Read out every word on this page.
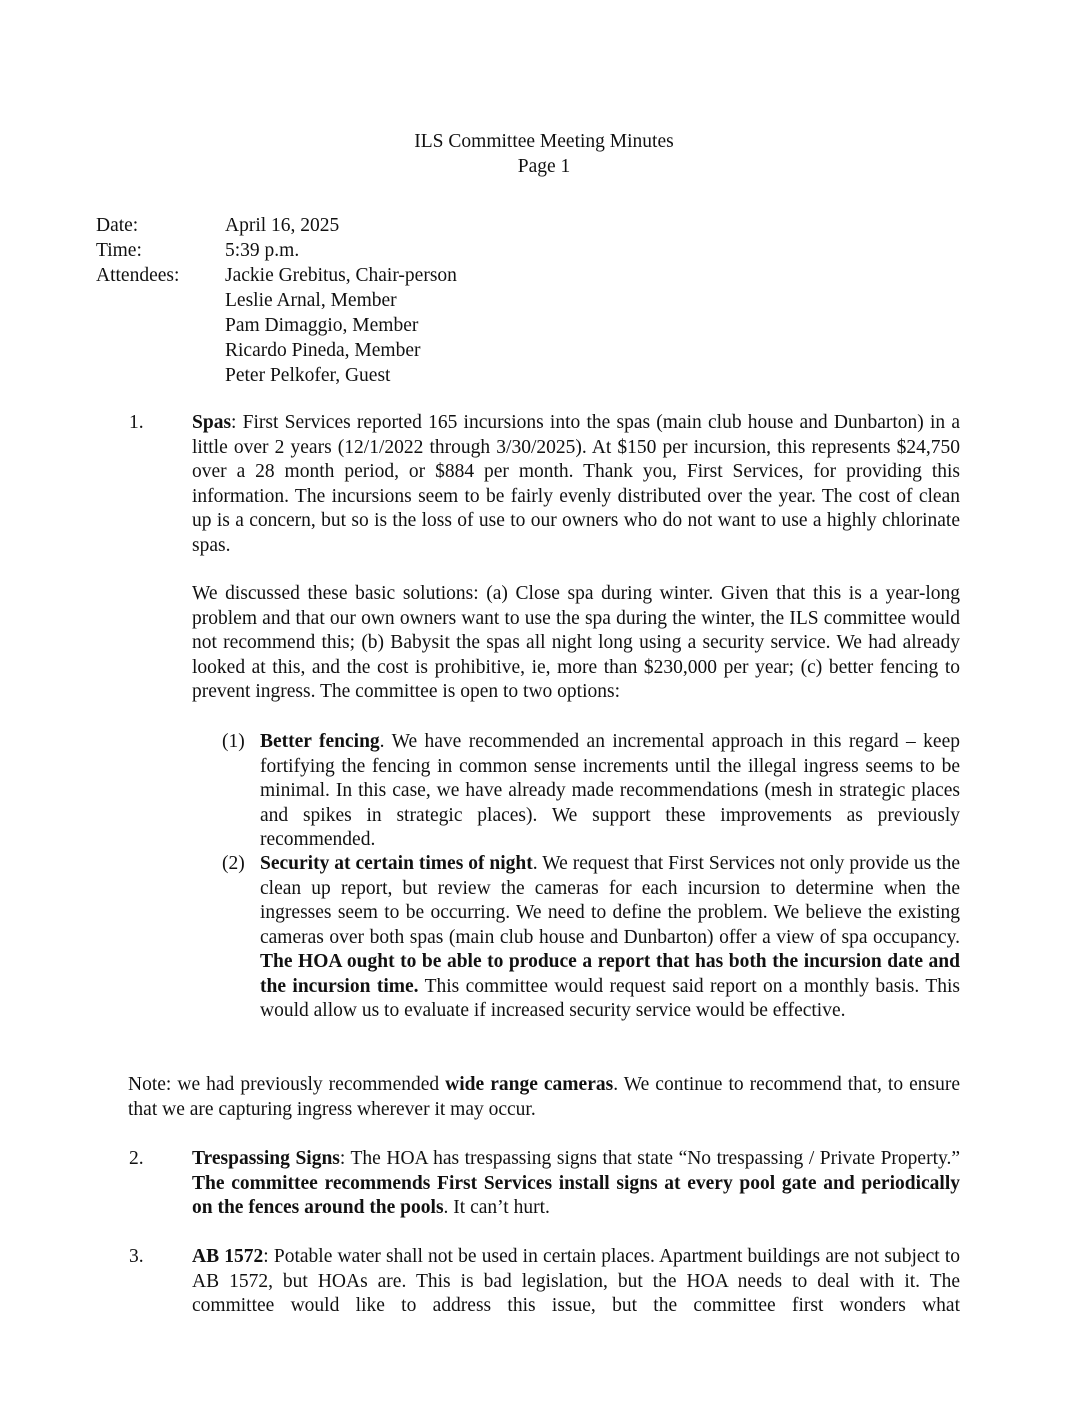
ILS Committee Meeting Minutes
Page 1
Date:	April 16, 2025
Time:	5:39 p.m.
Attendees:	Jackie Grebitus, Chair-person
Leslie Arnal, Member
Pam Dimaggio, Member
Ricardo Pineda, Member
Peter Pelkofer, Guest
1. Spas: First Services reported 165 incursions into the spas (main club house and Dunbarton) in a little over 2 years (12/1/2022 through 3/30/2025). At $150 per incursion, this represents $24,750 over a 28 month period, or $884 per month. Thank you, First Services, for providing this information. The incursions seem to be fairly evenly distributed over the year. The cost of clean up is a concern, but so is the loss of use to our owners who do not want to use a highly chlorinate spas.
We discussed these basic solutions: (a) Close spa during winter. Given that this is a year-long problem and that our own owners want to use the spa during the winter, the ILS committee would not recommend this; (b) Babysit the spas all night long using a security service. We had already looked at this, and the cost is prohibitive, ie, more than $230,000 per year; (c) better fencing to prevent ingress. The committee is open to two options:
(1) Better fencing. We have recommended an incremental approach in this regard – keep fortifying the fencing in common sense increments until the illegal ingress seems to be minimal. In this case, we have already made recommendations (mesh in strategic places and spikes in strategic places). We support these improvements as previously recommended.
(2) Security at certain times of night. We request that First Services not only provide us the clean up report, but review the cameras for each incursion to determine when the ingresses seem to be occurring. We need to define the problem. We believe the existing cameras over both spas (main club house and Dunbarton) offer a view of spa occupancy. The HOA ought to be able to produce a report that has both the incursion date and the incursion time. This committee would request said report on a monthly basis. This would allow us to evaluate if increased security service would be effective.
Note: we had previously recommended wide range cameras. We continue to recommend that, to ensure that we are capturing ingress wherever it may occur.
2. Trespassing Signs: The HOA has trespassing signs that state “No trespassing / Private Property.” The committee recommends First Services install signs at every pool gate and periodically on the fences around the pools. It can’t hurt.
3. AB 1572: Potable water shall not be used in certain places. Apartment buildings are not subject to AB 1572, but HOAs are. This is bad legislation, but the HOA needs to deal with it. The committee would like to address this issue, but the committee first wonders what
